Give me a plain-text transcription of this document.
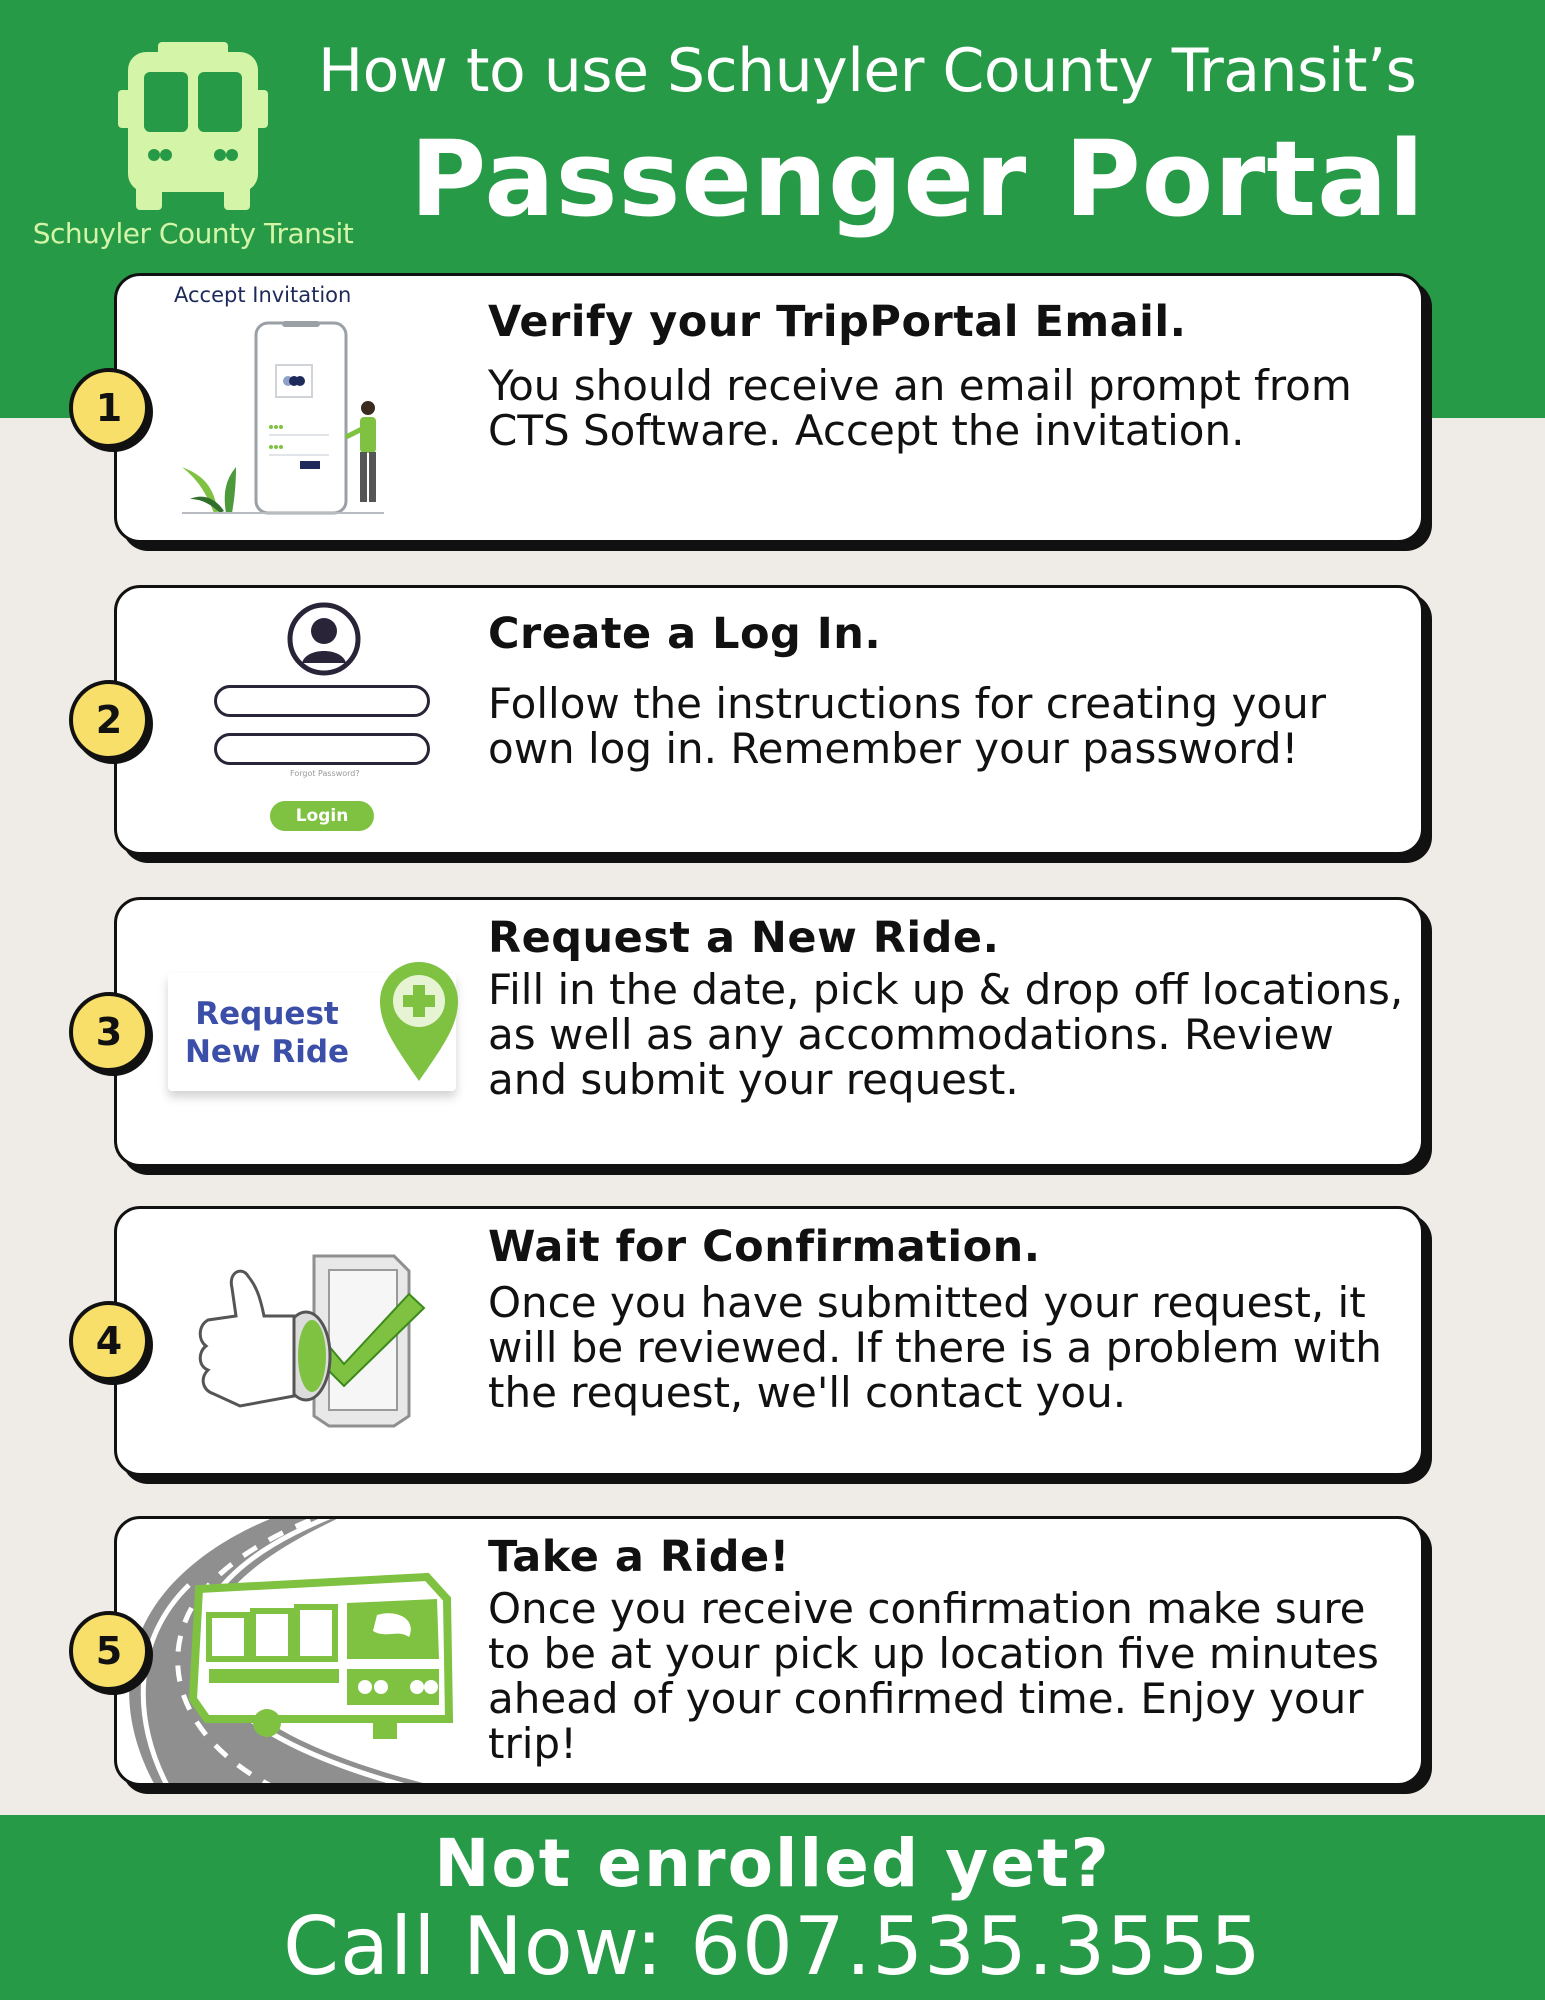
Schuyler County Transit
How to use Schuyler County Transit’s
Passenger Portal
1
Accept Invitation
Verify your TripPortal Email.
You should receive an email prompt from CTS Software. Accept the invitation.
2
Forgot Password?
Login
Create a Log In.
Follow the instructions for creating your own log in. Remember your password!
3	Request
New Ride
Request a New Ride.
Fill in the date, pick up & drop off locations, as well as any accommodations. Review and submit your request.
4
Wait for Confirmation.
Once you have submitted your request, it will be reviewed. If there is a problem with the request, we'll contact you.
5
Take a Ride!
Once you receive confirmation make sure to be at your pick up location five minutes ahead of your confirmed time. Enjoy your trip!
Not enrolled yet?
Call Now: 607.535.3555
